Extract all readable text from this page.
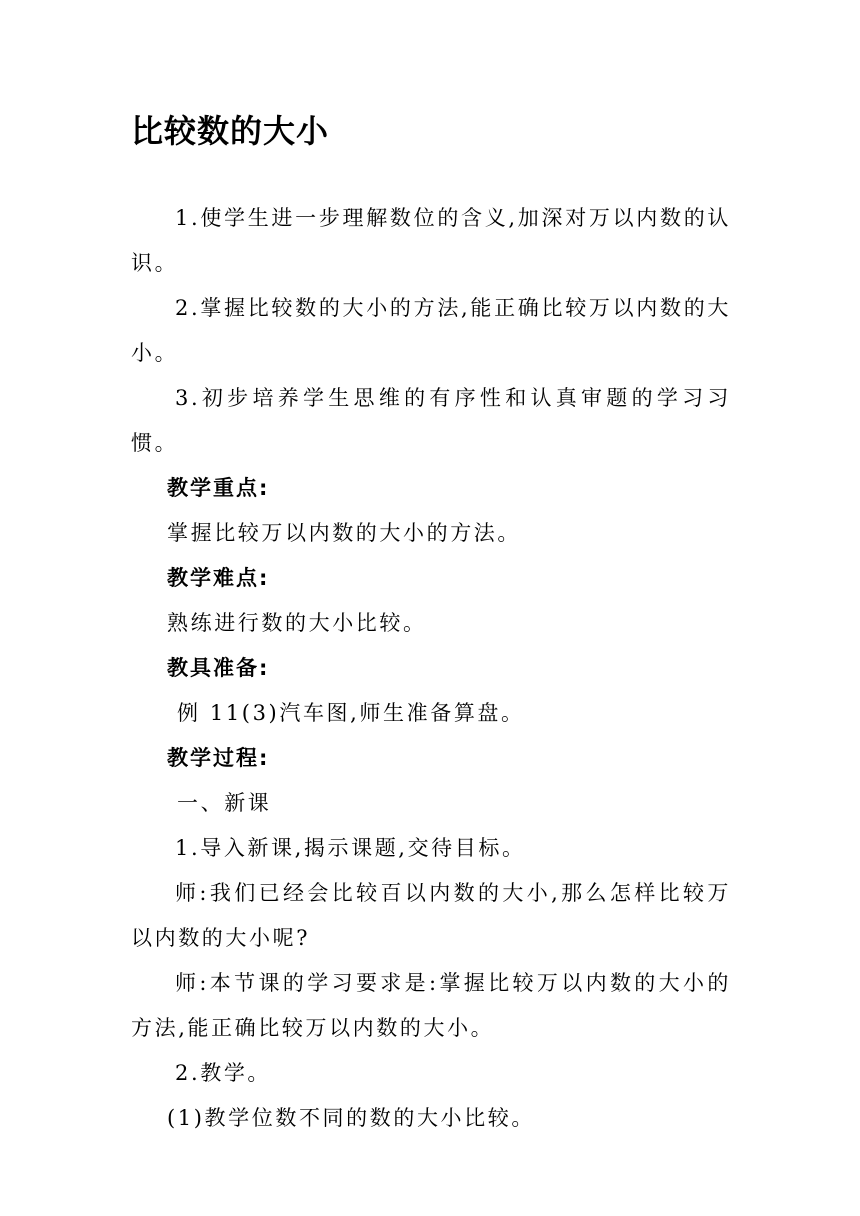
比较数的大小

1.使学生进一步理解数位的含义,加深对万以内数的认识。

2.掌握比较数的大小的方法,能正确比较万以内数的大小。

3.初步培养学生思维的有序性和认真审题的学习习惯。

教学重点:

掌握比较万以内数的大小的方法。

教学难点:

熟练进行数的大小比较。

教具准备:

例 11(3)汽车图,师生准备算盘。

教学过程:

一、新课

1.导入新课,揭示课题,交待目标。

师:我们已经会比较百以内数的大小,那么怎样比较万以内数的大小呢?

师:本节课的学习要求是:掌握比较万以内数的大小的方法,能正确比较万以内数的大小。

2.教学。

(1)教学位数不同的数的大小比较。
